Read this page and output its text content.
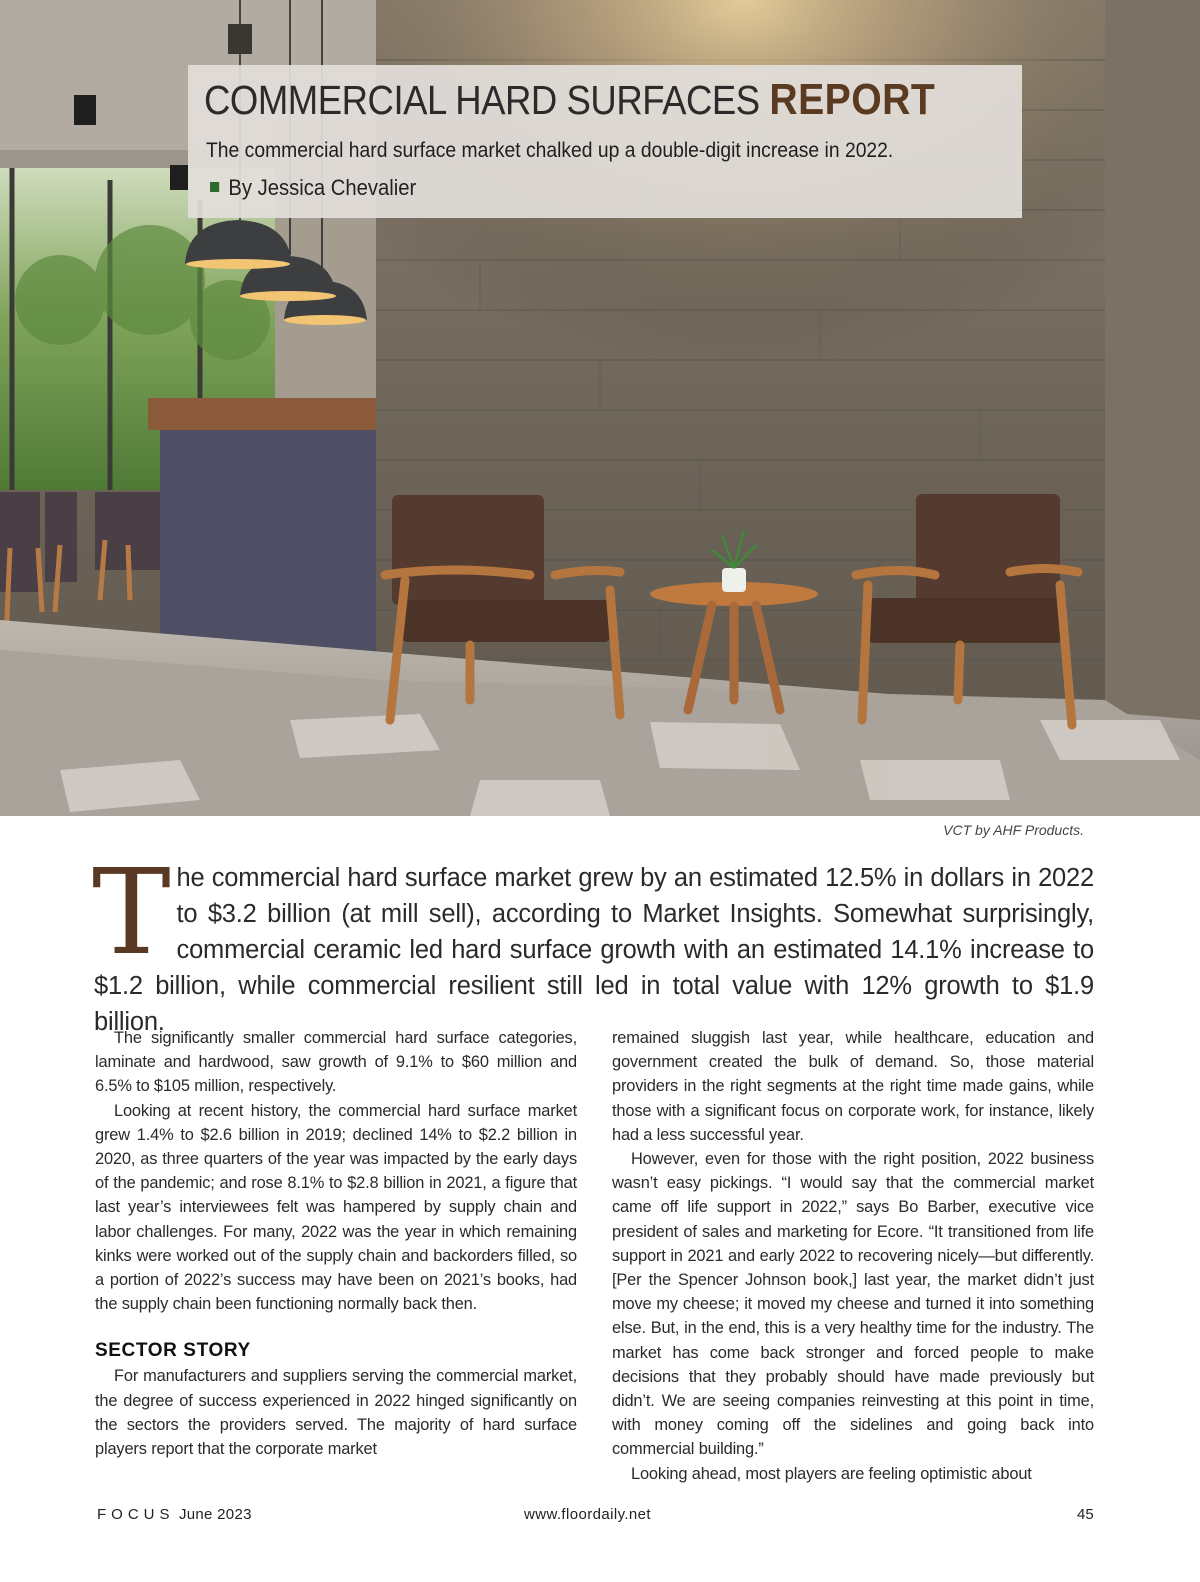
COMMERCIAL HARD SURFACES REPORT
The commercial hard surface market chalked up a double-digit increase in 2022.
By Jessica Chevalier
VCT by AHF Products.
The commercial hard surface market grew by an estimated 12.5% in dollars in 2022 to $3.2 billion (at mill sell), according to Market Insights. Somewhat surprisingly, commercial ceramic led hard surface growth with an estimated 14.1% increase to $1.2 billion, while commercial resilient still led in total value with 12% growth to $1.9 billion.

The significantly smaller commercial hard surface categories, laminate and hardwood, saw growth of 9.1% to $60 million and 6.5% to $105 million, respectively.

Looking at recent history, the commercial hard surface market grew 1.4% to $2.6 billion in 2019; declined 14% to $2.2 billion in 2020, as three quarters of the year was impacted by the early days of the pandemic; and rose 8.1% to $2.8 billion in 2021, a figure that last year’s interviewees felt was hampered by supply chain and labor challenges. For many, 2022 was the year in which remaining kinks were worked out of the supply chain and backorders filled, so a portion of 2022’s success may have been on 2021’s books, had the supply chain been functioning normally back then.

SECTOR STORY

For manufacturers and suppliers serving the commercial market, the degree of success experienced in 2022 hinged significantly on the sectors the providers served. The majority of hard surface players report that the corporate market

remained sluggish last year, while healthcare, education and government created the bulk of demand. So, those material providers in the right segments at the right time made gains, while those with a significant focus on corporate work, for instance, likely had a less successful year.

However, even for those with the right position, 2022 business wasn’t easy pickings. “I would say that the commercial market came off life support in 2022,” says Bo Barber, executive vice president of sales and marketing for Ecore. “It transitioned from life support in 2021 and early 2022 to recovering nicely—but differently. [Per the Spencer Johnson book,] last year, the market didn’t just move my cheese; it moved my cheese and turned it into something else. But, in the end, this is a very healthy time for the industry. The market has come back stronger and forced people to make decisions that they probably should have made previously but didn’t. We are seeing companies reinvesting at this point in time, with money coming off the sidelines and going back into commercial building.”

Looking ahead, most players are feeling optimistic about

FOCUS June 2023	www.floordaily.net	45
